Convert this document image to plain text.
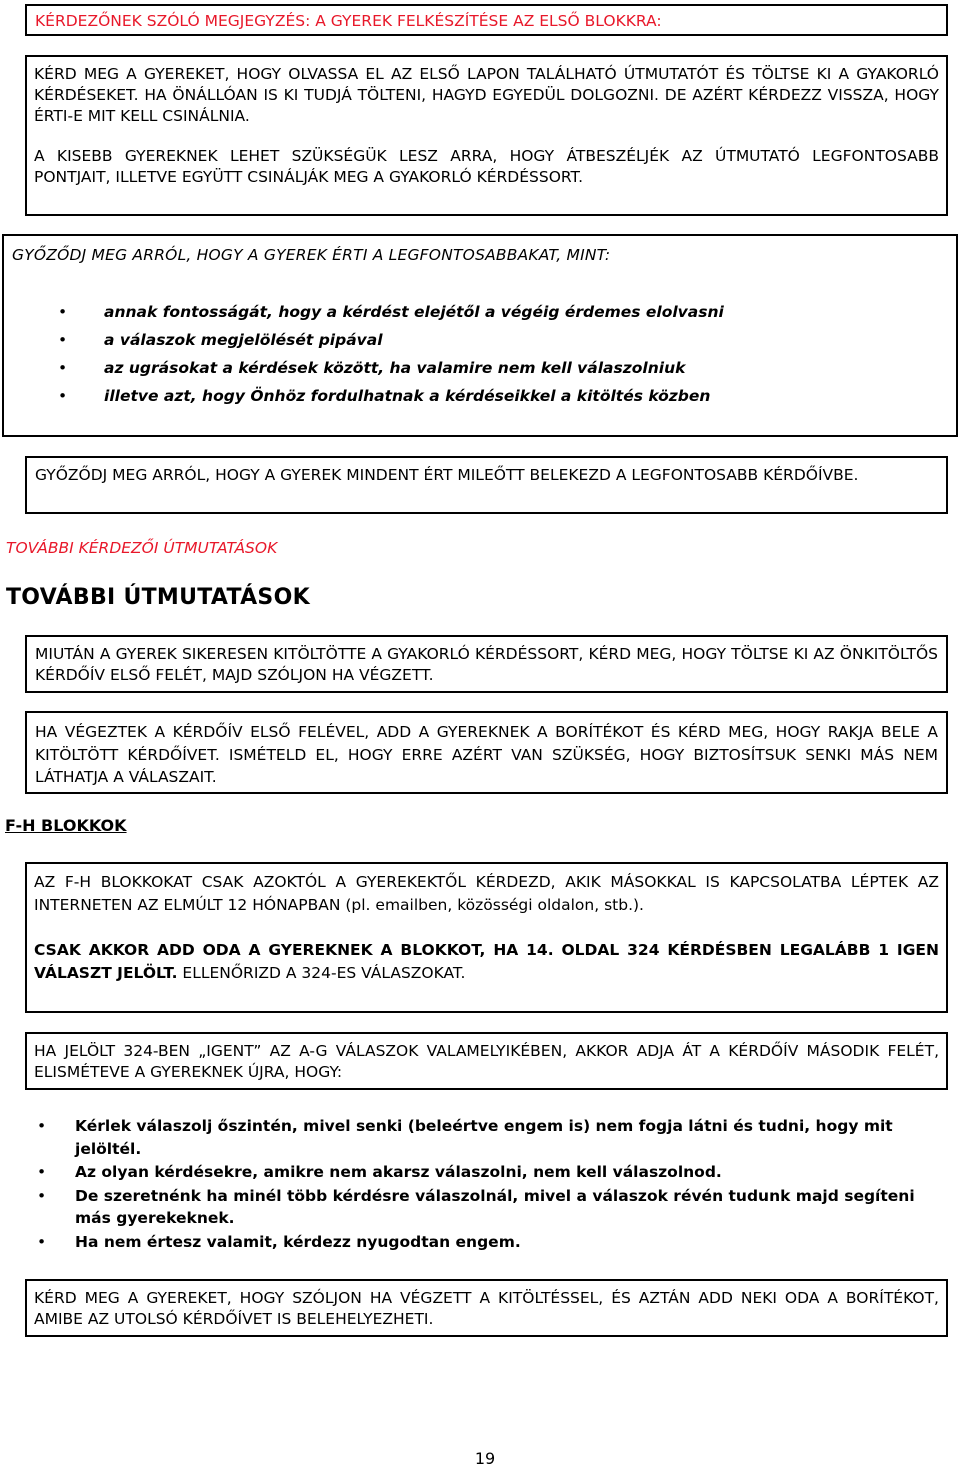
KÉRDEZŐNEK SZÓLÓ MEGJEGYZÉS: A GYEREK FELKÉSZÍTÉSE AZ ELSŐ BLOKKRA:
KÉRD MEG A GYEREKET, HOGY OLVASSA EL AZ ELSŐ LAPON TALÁLHATÓ ÚTMUTATÓT ÉS TÖLTSE KI A GYAKORLÓ KÉRDÉSEKET. HA ÖNÁLLÓAN IS KI TUDJÁ TÖLTENI, HAGYD EGYEDÜL DOLGOZNI. DE AZÉRT KÉRDEZZ VISSZA, HOGY ÉRTI-E MIT KELL CSINÁLNIA.
A KISEBB GYEREKNEK LEHET SZÜKSÉGÜK LESZ ARRA, HOGY ÁTBESZÉLJÉK AZ ÚTMUTATÓ LEGFONTOSABB PONTJAIT, ILLETVE EGYÜTT CSINÁLJÁK MEG A GYAKORLÓ KÉRDÉSSORT.
GYŐZŐDJ MEG ARRÓL, HOGY A GYEREK ÉRTI A LEGFONTOSABBAKAT, MINT:
• annak fontosságát, hogy a kérdést elejétől a végéig érdemes elolvasni
• a válaszok megjelölését pipával
• az ugrásokat a kérdések között, ha valamire nem kell válaszolniuk
• illetve azt, hogy Önhöz fordulhatnak a kérdéseikkel a kitöltés közben
GYŐZŐDJ MEG ARRÓL, HOGY A GYEREK MINDENT ÉRT MILEŐTT BELEKEZD A LEGFONTOSABB KÉRDŐÍVBE.
TOVÁBBI KÉRDEZŐI ÚTMUTATÁSOK
TOVÁBBI ÚTMUTATÁSOK
MIUTÁN A GYEREK SIKERESEN KITÖLTÖTTE A GYAKORLÓ KÉRDÉSSORT, KÉRD MEG, HOGY TÖLTSE KI AZ ÖNKITÖLTŐS KÉRDŐÍV ELSŐ FELÉT, MAJD SZÓLJON HA VÉGZETT.
HA VÉGEZTEK A KÉRDŐÍV ELSŐ FELÉVEL, ADD A GYEREKNEK A BORÍTÉKOT ÉS KÉRD MEG, HOGY RAKJA BELE A KITÖLTÖTT KÉRDŐÍVET. ISMÉTELD EL, HOGY ERRE AZÉRT VAN SZÜKSÉG, HOGY BIZTOSÍTSUK SENKI MÁS NEM LÁTHATJA A VÁLASZAIT.
F-H BLOKKOK
AZ F-H BLOKKOKAT CSAK AZOKTÓL A GYEREKEKTŐL KÉRDEZD, AKIK MÁSOKKAL IS KAPCSOLATBA LÉPTEK AZ INTERNETEN AZ ELMÚLT 12 HÓNAPBAN (pl. emailben, közösségi oldalon, stb.).
CSAK AKKOR ADD ODA A GYEREKNEK A BLOKKOT, HA 14. OLDAL 324 KÉRDÉSBEN LEGALÁBB 1 IGEN VÁLASZT JELÖLT. ELLENŐRIZD A 324-ES VÁLASZOKAT.
HA JELÖLT 324-BEN „IGENT” AZ A-G VÁLASZOK VALAMELYIKÉBEN, AKKOR ADJA ÁT A KÉRDŐÍV MÁSODIK FELÉT, ELISMÉTEVE A GYEREKNEK ÚJRA, HOGY:
• Kérlek válaszolj őszintén, mivel senki (beleértve engem is) nem fogja látni és tudni, hogy mit jelöltél.
• Az olyan kérdésekre, amikre nem akarsz válaszolni, nem kell válaszolnod.
• De szeretnénk ha minél több kérdésre válaszolnál, mivel a válaszok révén tudunk majd segíteni más gyerekeknek.
• Ha nem értesz valamit, kérdezz nyugodtan engem.
KÉRD MEG A GYEREKET, HOGY SZÓLJON HA VÉGZETT A KITÖLTÉSSEL, ÉS AZTÁN ADD NEKI ODA A BORÍTÉKOT, AMIBE AZ UTOLSÓ KÉRDŐÍVET IS BELEHELYEZHETI.
19
